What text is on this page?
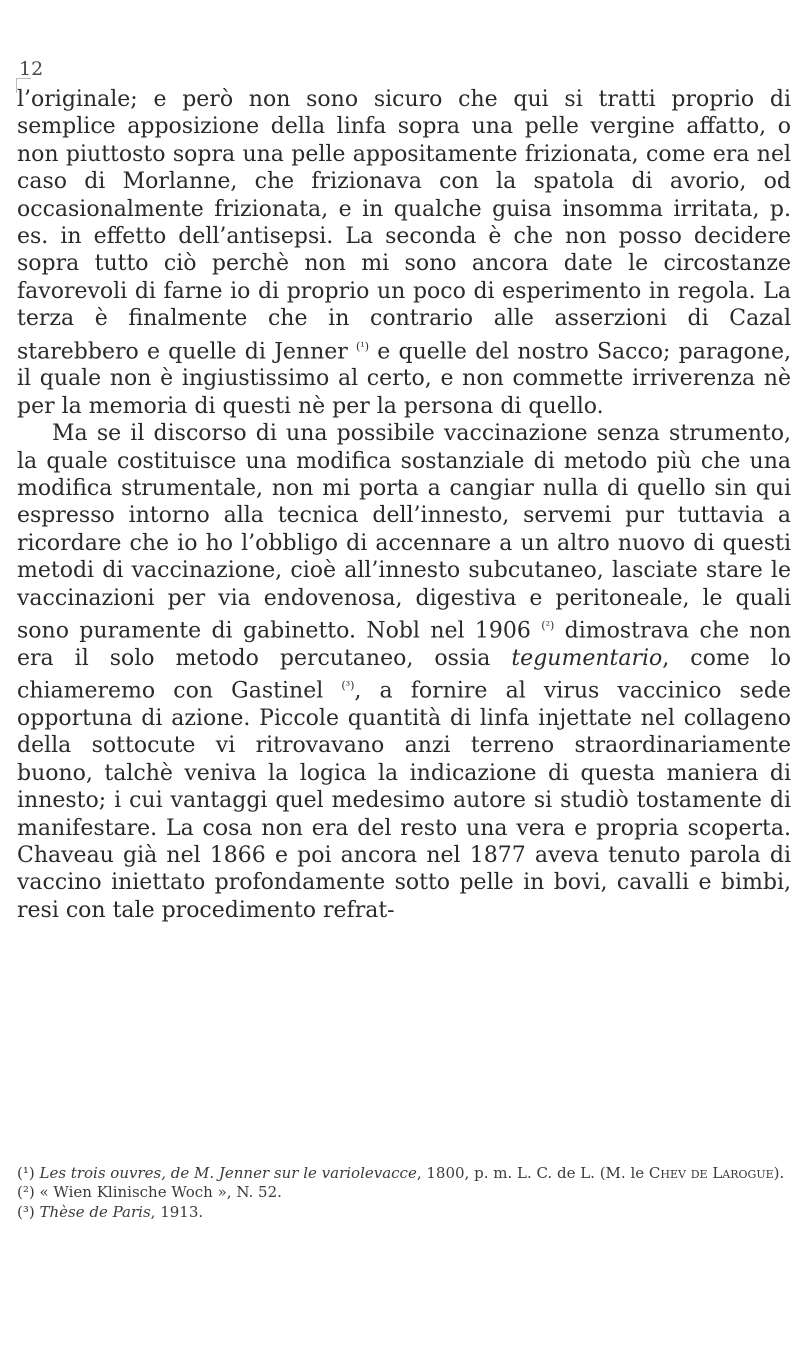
12

l’originale; e però non sono sicuro che qui si tratti proprio di semplice apposizione della linfa sopra una pelle vergine affatto, o non piuttosto sopra una pelle appositamente frizionata, come era nel caso di Morlanne, che frizionava con la spatola di avorio, od occasionalmente frizionata, e in qualche guisa insomma irritata, p. es. in effetto dell’antisepsi. La seconda è che non posso decidere sopra tutto ciò perchè non mi sono ancora date le circostanze favorevoli di farne io di proprio un poco di esperimento in regola. La terza è finalmente che in contrario alle asserzioni di Cazal starebbero e quelle di Jenner $^{(^1)}$ e quelle del nostro Sacco; paragone, il quale non è ingiustissimo al certo, e non commette irriverenza nè per la memoria di questi nè per la persona di quello.

Ma se il discorso di una possibile vaccinazione senza strumento, la quale costituisce una modifica sostanziale di metodo più che una modifica strumentale, non mi porta a cangiar nulla di quello sin qui espresso intorno alla tecnica dell’innesto, servemi pur tuttavia a ricordare che io ho l’obbligo di accennare a un altro nuovo di questi metodi di vaccinazione, cioè all’innesto subcutaneo, lasciate stare le vaccinazioni per via endovenosa, digestiva e peritoneale, le quali sono puramente di gabinetto. Nobl nel 1906 $^{(^2)}$ dimostrava che non era il solo metodo percutaneo, ossia tegumentario, come lo chiameremo con Gastinel $^{(^3)}$, a fornire al virus vaccinico sede opportuna di azione. Piccole quantità di linfa injettate nel collageno della sottocute vi ritrovavano anzi terreno straordinariamente buono, talchè veniva la logica la indicazione di questa maniera di innesto; i cui vantaggi quel medesimo autore si studiò tostamente di manifestare. La cosa non era del resto una vera e propria scoperta. Chaveau già nel 1866 e poi ancora nel 1877 aveva tenuto parola di vaccino iniettato profondamente sotto pelle in bovi, cavalli e bimbi, resi con tale procedimento refrat-

(¹) Les trois ouvres, de M. Jenner sur le variolevacce, 1800, p. m. L. C. de L. (M. le Chev de Larogue).
(²) « Wien Klinische Woch », N. 52.
(³) Thèse de Paris, 1913.
